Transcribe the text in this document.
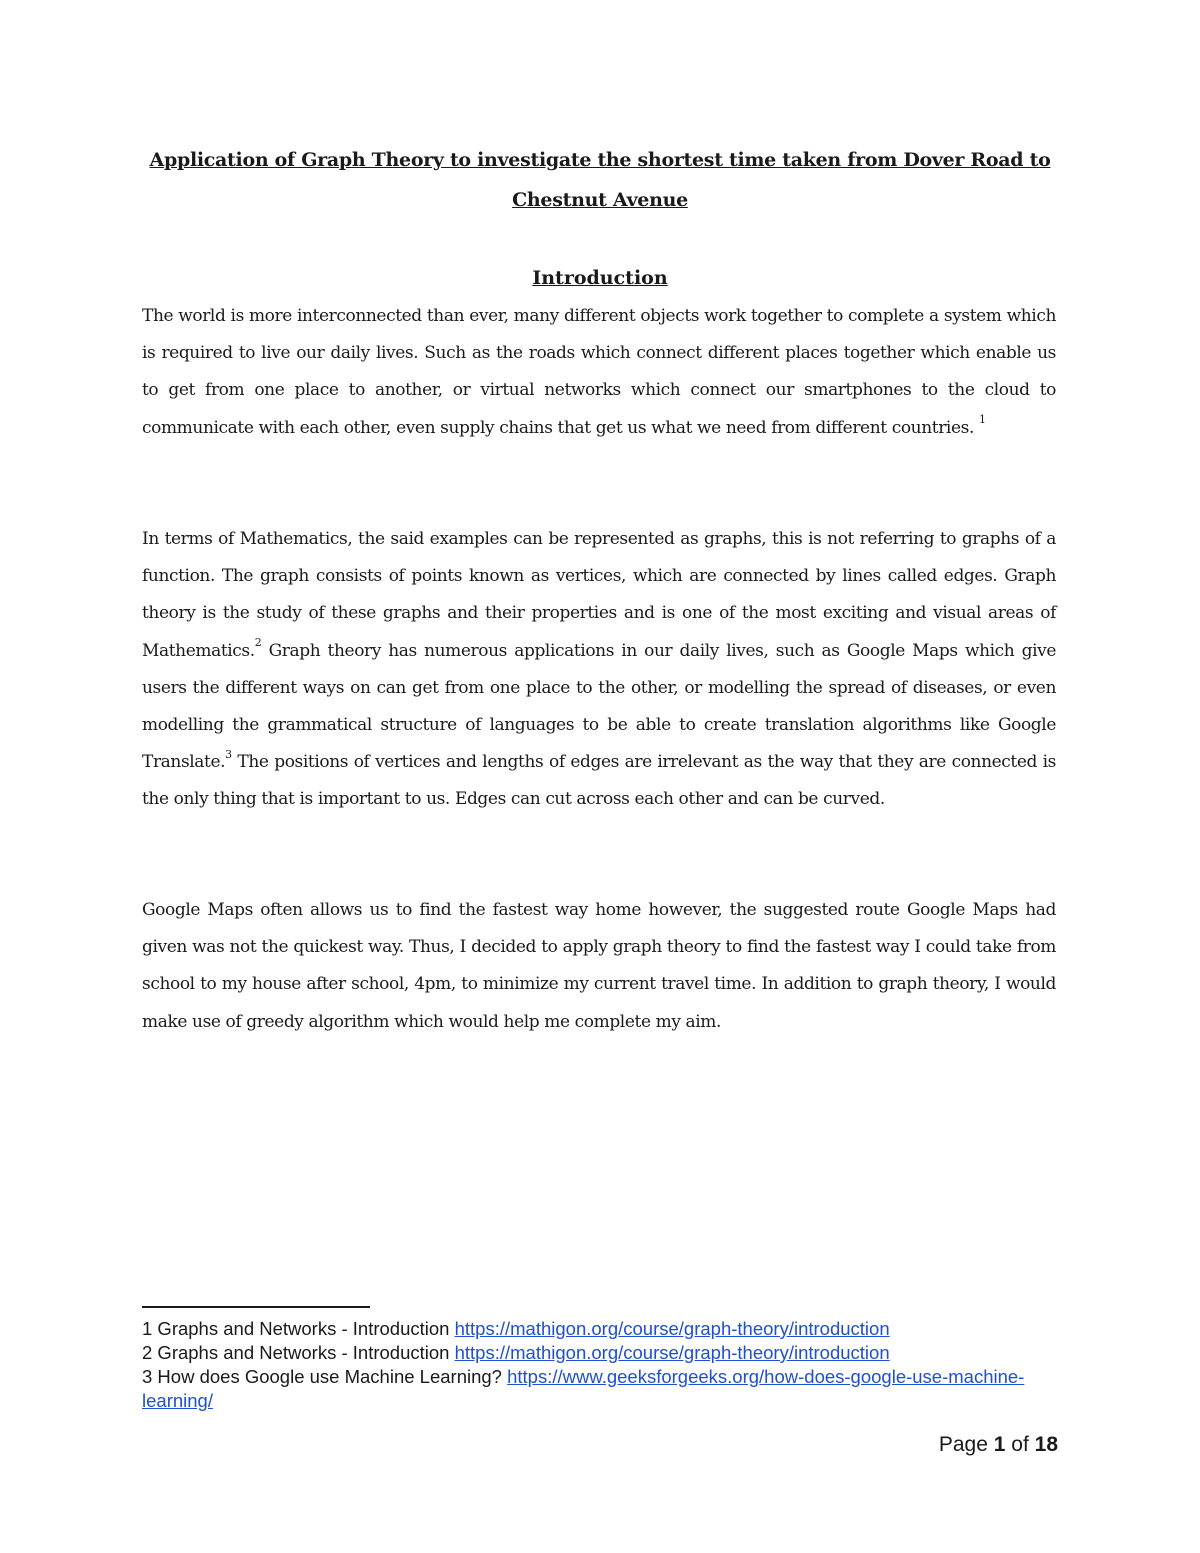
Application of Graph Theory to investigate the shortest time taken from Dover Road to Chestnut Avenue
Introduction
The world is more interconnected than ever, many different objects work together to complete a system which is required to live our daily lives. Such as the roads which connect different places together which enable us to get from one place to another, or virtual networks which connect our smartphones to the cloud to communicate with each other, even supply chains that get us what we need from different countries. $^1$
In terms of Mathematics, the said examples can be represented as graphs, this is not referring to graphs of a function. The graph consists of points known as vertices, which are connected by lines called edges. Graph theory is the study of these graphs and their properties and is one of the most exciting and visual areas of Mathematics.$^2$ Graph theory has numerous applications in our daily lives, such as Google Maps which give users the different ways on can get from one place to the other, or modelling the spread of diseases, or even modelling the grammatical structure of languages to be able to create translation algorithms like Google Translate.$^3$ The positions of vertices and lengths of edges are irrelevant as the way that they are connected is the only thing that is important to us. Edges can cut across each other and can be curved.
Google Maps often allows us to find the fastest way home however, the suggested route Google Maps had given was not the quickest way. Thus, I decided to apply graph theory to find the fastest way I could take from school to my house after school, 4pm, to minimize my current travel time. In addition to graph theory, I would make use of greedy algorithm which would help me complete my aim.

1 Graphs and Networks - Introduction https://mathigon.org/course/graph-theory/introduction

2 Graphs and Networks - Introduction https://mathigon.org/course/graph-theory/introduction

3 How does Google use Machine Learning? https://www.geeksforgeeks.org/how-does-google-use-machine-learning/

Page 1 of 18
